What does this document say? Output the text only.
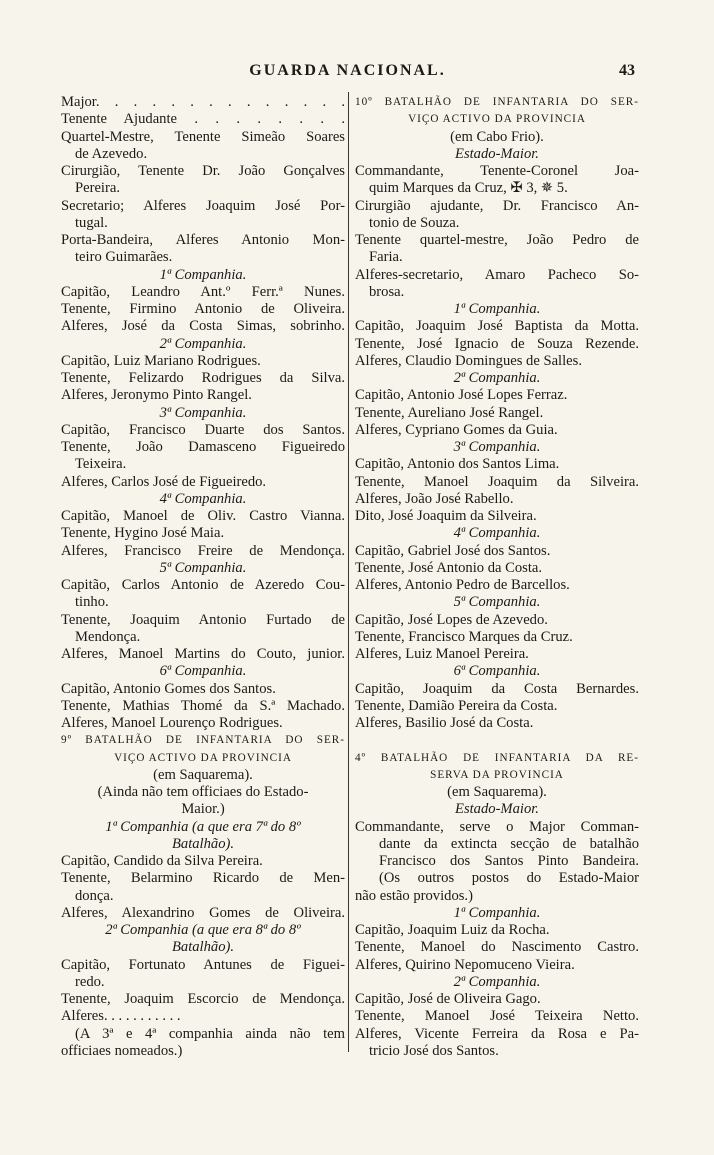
GUARDA NACIONAL.	43
Major. . . . . . . . . . . . . .
Tenente Ajudante . . . . . . . .
Quartel-Mestre, Tenente Simeão Soares
de Azevedo.
Cirurgião, Tenente Dr. João Gonçalves
Pereira.
Secretario; Alferes Joaquim José Por-
tugal.
Porta-Bandeira, Alferes Antonio Mon-
teiro Guimarães.
1ª Companhia.
Capitão, Leandro Ant.º Ferr.ª Nunes.
Tenente, Firmino Antonio de Oliveira.
Alferes, José da Costa Simas, sobrinho.
2ª Companhia.
Capitão, Luiz Mariano Rodrigues.
Tenente, Felizardo Rodrigues da Silva.
Alferes, Jeronymo Pinto Rangel.
3ª Companhia.
Capitão, Francisco Duarte dos Santos.
Tenente, João Damasceno Figueiredo
Teixeira.
Alferes, Carlos José de Figueiredo.
4ª Companhia.
Capitão, Manoel de Oliv. Castro Vianna.
Tenente, Hygino José Maia.
Alferes, Francisco Freire de Mendonça.
5ª Companhia.
Capitão, Carlos Antonio de Azeredo Cou-
tinho.
Tenente, Joaquim Antonio Furtado de
Mendonça.
Alferes, Manoel Martins do Couto, junior.
6ª Companhia.
Capitão, Antonio Gomes dos Santos.
Tenente, Mathias Thomé da S.ª Machado.
Alferes, Manoel Lourenço Rodrigues.
9º BATALHÃO DE INFANTARIA DO SER-
VIÇO ACTIVO DA PROVINCIA
(em Saquarema).
(Ainda não tem officiaes do Estado-
Maior.)
1ª Companhia (a que era 7ª do 8º
Batalhão).
Capitão, Candido da Silva Pereira.
Tenente, Belarmino Ricardo de Men-
donça.
Alferes, Alexandrino Gomes de Oliveira.
2ª Companhia (a que era 8ª do 8º
Batalhão).
Capitão, Fortunato Antunes de Figuei-
redo.
Tenente, Joaquim Escorcio de Mendonça.
Alferes. . . . . . . . . . .
(A 3ª e 4ª companhia ainda não tem
officiaes nomeados.)
10º BATALHÃO DE INFANTARIA DO SER-
VIÇO ACTIVO DA PROVINCIA
(em Cabo Frio).
Estado-Maior.
Commandante, Tenente-Coronel Joa-
quim Marques da Cruz, ✠ 3, ✵ 5.
Cirurgião ajudante, Dr. Francisco An-
tonio de Souza.
Tenente quartel-mestre, João Pedro de
Faria.
Alferes-secretario, Amaro Pacheco So-
brosa.
1ª Companhia.
Capitão, Joaquim José Baptista da Motta.
Tenente, José Ignacio de Souza Rezende.
Alferes, Claudio Domingues de Salles.
2ª Companhia.
Capitão, Antonio José Lopes Ferraz.
Tenente, Aureliano José Rangel.
Alferes, Cypriano Gomes da Guia.
3ª Companhia.
Capitão, Antonio dos Santos Lima.
Tenente, Manoel Joaquim da Silveira.
Alferes, João José Rabello.
Dito, José Joaquim da Silveira.
4ª Companhia.
Capitão, Gabriel José dos Santos.
Tenente, José Antonio da Costa.
Alferes, Antonio Pedro de Barcellos.
5ª Companhia.
Capitão, José Lopes de Azevedo.
Tenente, Francisco Marques da Cruz.
Alferes, Luiz Manoel Pereira.
6ª Companhia.
Capitão, Joaquim da Costa Bernardes.
Tenente, Damião Pereira da Costa.
Alferes, Basilio José da Costa.

4º BATALHÃO DE INFANTARIA DA RE-
SERVA DA PROVINCIA
(em Saquarema).
Estado-Maior.
Commandante, serve o Major Comman-
dante da extincta secção de batalhão
Francisco dos Santos Pinto Bandeira.
(Os outros postos do Estado-Maior
não estão providos.)
1ª Companhia.
Capitão, Joaquim Luiz da Rocha.
Tenente, Manoel do Nascimento Castro.
Alferes, Quirino Nepomuceno Vieira.
2ª Companhia.
Capitão, José de Oliveira Gago.
Tenente, Manoel José Teixeira Netto.
Alferes, Vicente Ferreira da Rosa e Pa-
tricio José dos Santos.
